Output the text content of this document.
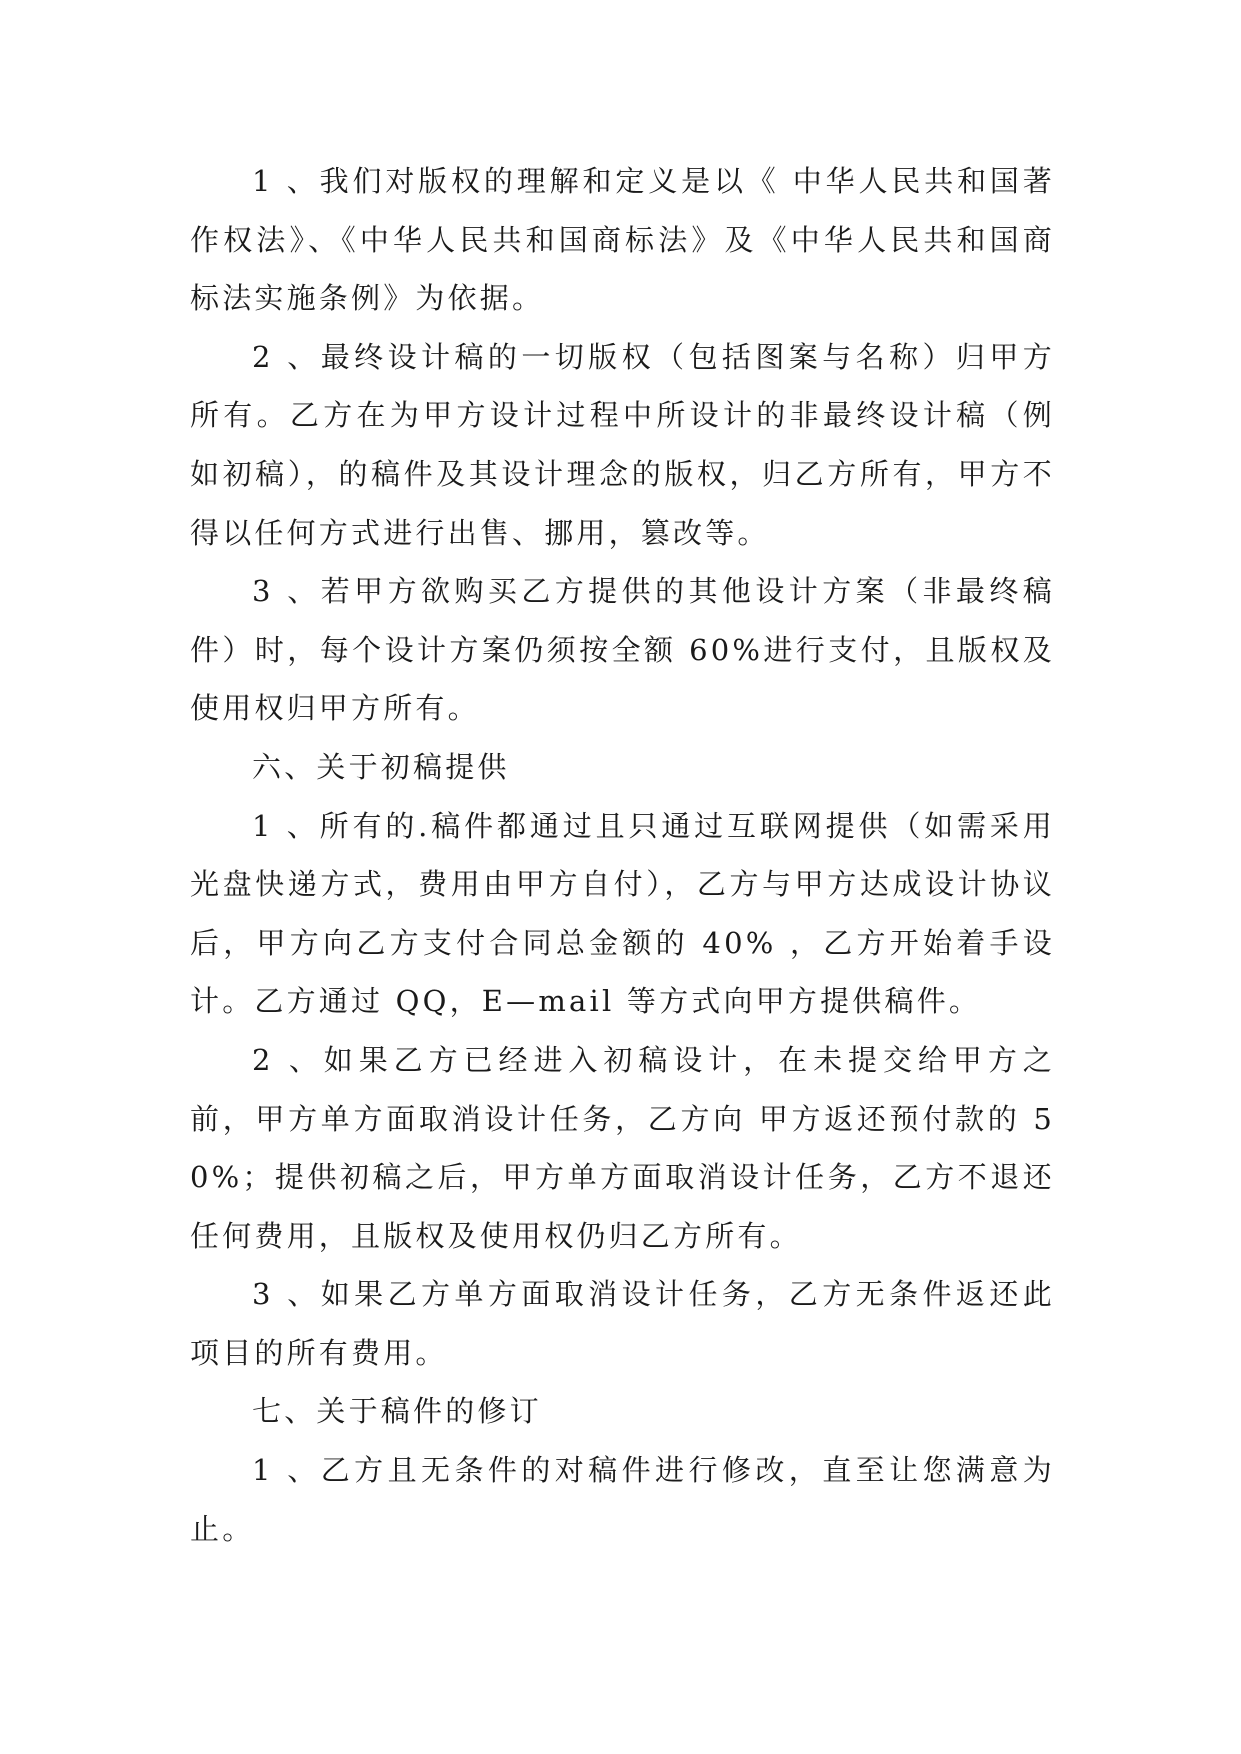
1 、我们对版权的理解和定义是以《 中华人民共和国著作权法》、《中华人民共和国商标法》及《中华人民共和国商标法实施条例》为依据。

2 、最终设计稿的一切版权（包括图案与名称）归甲方所有。乙方在为甲方设计过程中所设计的非最终设计稿（例如初稿），的稿件及其设计理念的版权，归乙方所有，甲方不得以任何方式进行出售、挪用，篡改等。

3 、若甲方欲购买乙方提供的其他设计方案（非最终稿件）时，每个设计方案仍须按全额 60%进行支付，且版权及使用权归甲方所有。

六、关于初稿提供

1 、所有的.稿件都通过且只通过互联网提供（如需采用光盘快递方式，费用由甲方自付），乙方与甲方达成设计协议后，甲方向乙方支付合同总金额的 40% ，乙方开始着手设计。乙方通过 QQ，E—mail 等方式向甲方提供稿件。

2 、如果乙方已经进入初稿设计，在未提交给甲方之前，甲方单方面取消设计任务，乙方向 甲方返还预付款的 50%；提供初稿之后，甲方单方面取消设计任务，乙方不退还任何费用，且版权及使用权仍归乙方所有。

3 、如果乙方单方面取消设计任务，乙方无条件返还此项目的所有费用。

七、关于稿件的修订

1 、乙方且无条件的对稿件进行修改，直至让您满意为止。
